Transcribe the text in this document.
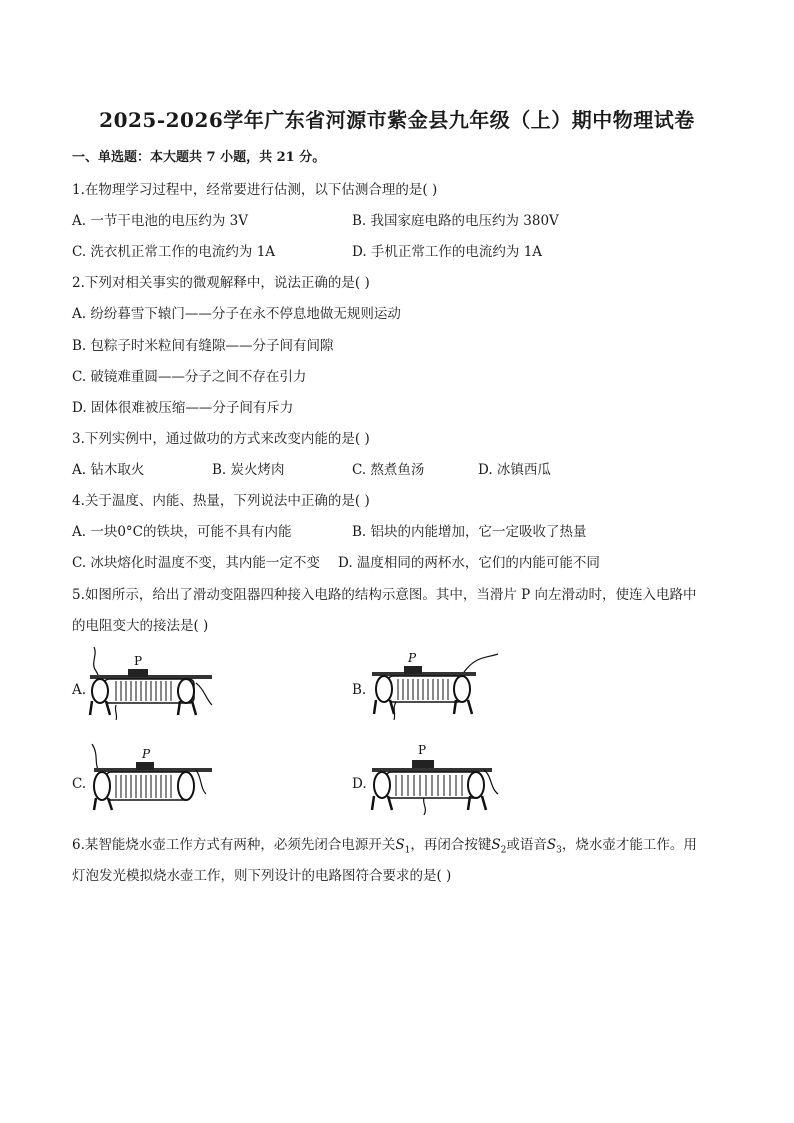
2025-2026学年广东省河源市紫金县九年级（上）期中物理试卷
一、单选题：本大题共 7 小题，共 21 分。
1.在物理学习过程中，经常要进行估测，以下估测合理的是( )
A. 一节干电池的电压约为 3V	B. 我国家庭电路的电压约为 380V
C. 洗衣机正常工作的电流约为 1A	D. 手机正常工作的电流约为 1A
2.下列对相关事实的微观解释中，说法正确的是( )
A. 纷纷暮雪下辕门——分子在永不停息地做无规则运动
B. 包粽子时米粒间有缝隙——分子间有间隙
C. 破镜难重圆——分子之间不存在引力
D. 固体很难被压缩——分子间有斥力
3.下列实例中，通过做功的方式来改变内能的是( )
A. 钻木取火	B. 炭火烤肉	C. 熬煮鱼汤	D. 冰镇西瓜
4.关于温度、内能、热量，下列说法中正确的是( )
A. 一块0°C的铁块，可能不具有内能	B. 铝块的内能增加，它一定吸收了热量
C. 冰块熔化时温度不变，其内能一定不变 D. 温度相同的两杯水，它们的内能可能不同
5.如图所示，给出了滑动变阻器四种接入电路的结构示意图。其中，当滑片 P 向左滑动时，使连入电路中
的电阻变大的接法是( )
A.
P
B.
P
C.
P
D.
P
6.某智能烧水壶工作方式有两种，必须先闭合电源开关$S_1$，再闭合按键$S_2$或语音$S_3$，烧水壶才能工作。用
灯泡发光模拟烧水壶工作，则下列设计的电路图符合要求的是( )
